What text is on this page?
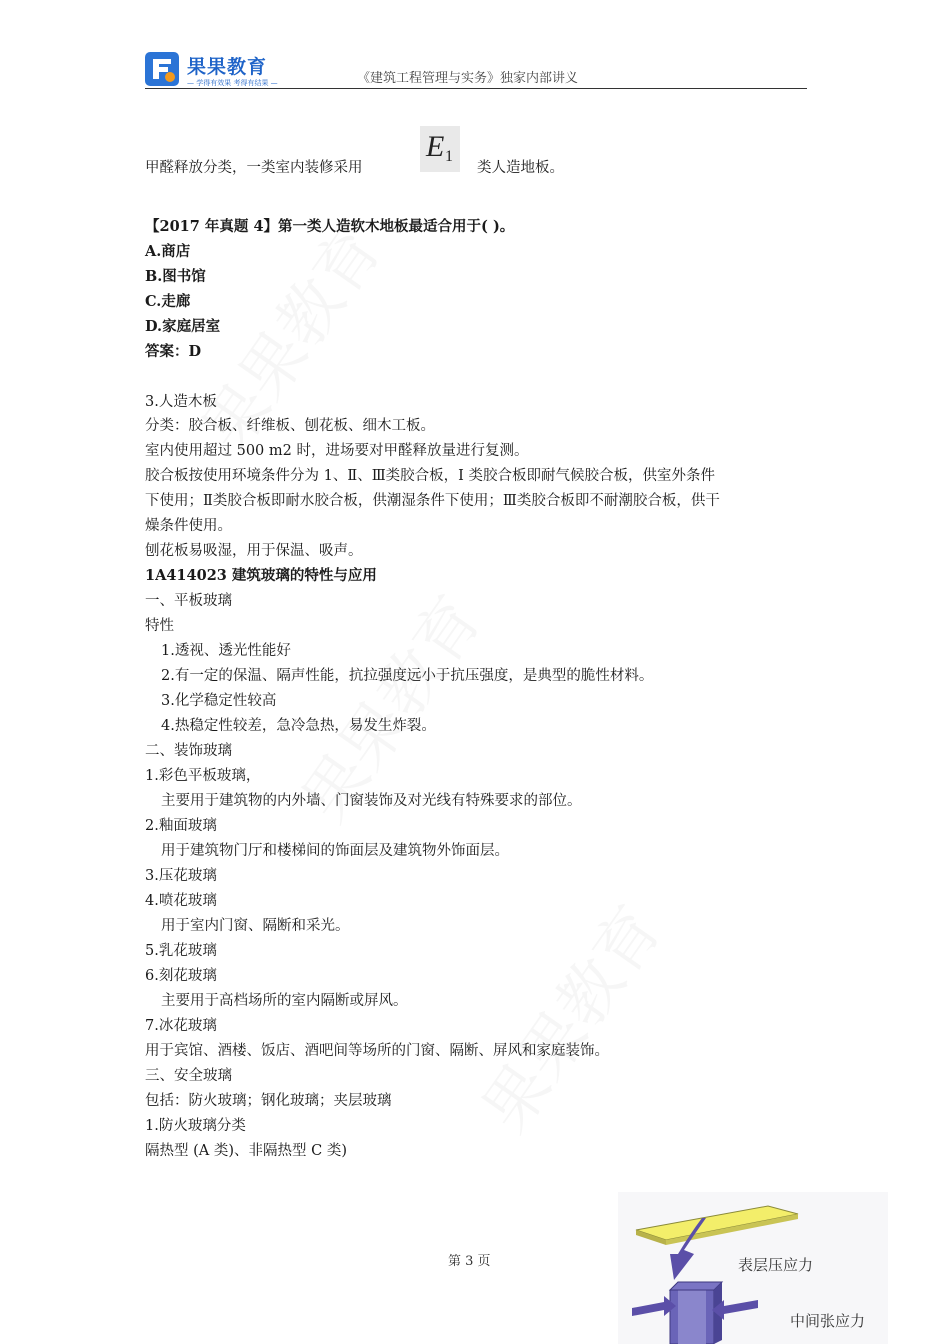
果果教育
— 学得有效果 考得有结果 —	《建筑工程管理与实务》独家内部讲义
甲醛释放分类，一类室内装修采用
E 1
类人造地板。
【2017 年真题 4】第一类人造软木地板最适合用于( )。
A.商店
B.图书馆
C.走廊
D.家庭居室
答案：D
3.人造木板
分类：胶合板、纤维板、刨花板、细木工板。
室内使用超过 500 m2 时，进场要对甲醛释放量进行复测。
胶合板按使用环境条件分为 1、Ⅱ、Ⅲ类胶合板，I 类胶合板即耐气候胶合板，供室外条件
下使用；Ⅱ类胶合板即耐水胶合板，供潮湿条件下使用；Ⅲ类胶合板即不耐潮胶合板，供干
燥条件使用。
刨花板易吸湿，用于保温、吸声。
1A414023 建筑玻璃的特性与应用
一、平板玻璃
特性
1.透视、透光性能好
2.有一定的保温、隔声性能，抗拉强度远小于抗压强度，是典型的脆性材料。
3.化学稳定性较高
4.热稳定性较差，急冷急热，易发生炸裂。
二、装饰玻璃
1.彩色平板玻璃，
主要用于建筑物的内外墙、门窗装饰及对光线有特殊要求的部位。
2.釉面玻璃
用于建筑物门厅和楼梯间的饰面层及建筑物外饰面层。
3.压花玻璃
4.喷花玻璃
用于室内门窗、隔断和采光。
5.乳花玻璃
6.刻花玻璃
主要用于高档场所的室内隔断或屏风。
7.冰花玻璃
用于宾馆、酒楼、饭店、酒吧间等场所的门窗、隔断、屏风和家庭装饰。
三、安全玻璃
包括：防火玻璃；钢化玻璃；夹层玻璃
1.防火玻璃分类
隔热型 (A 类)、非隔热型 C 类)
第 3 页	表层压应力
中间张应力
